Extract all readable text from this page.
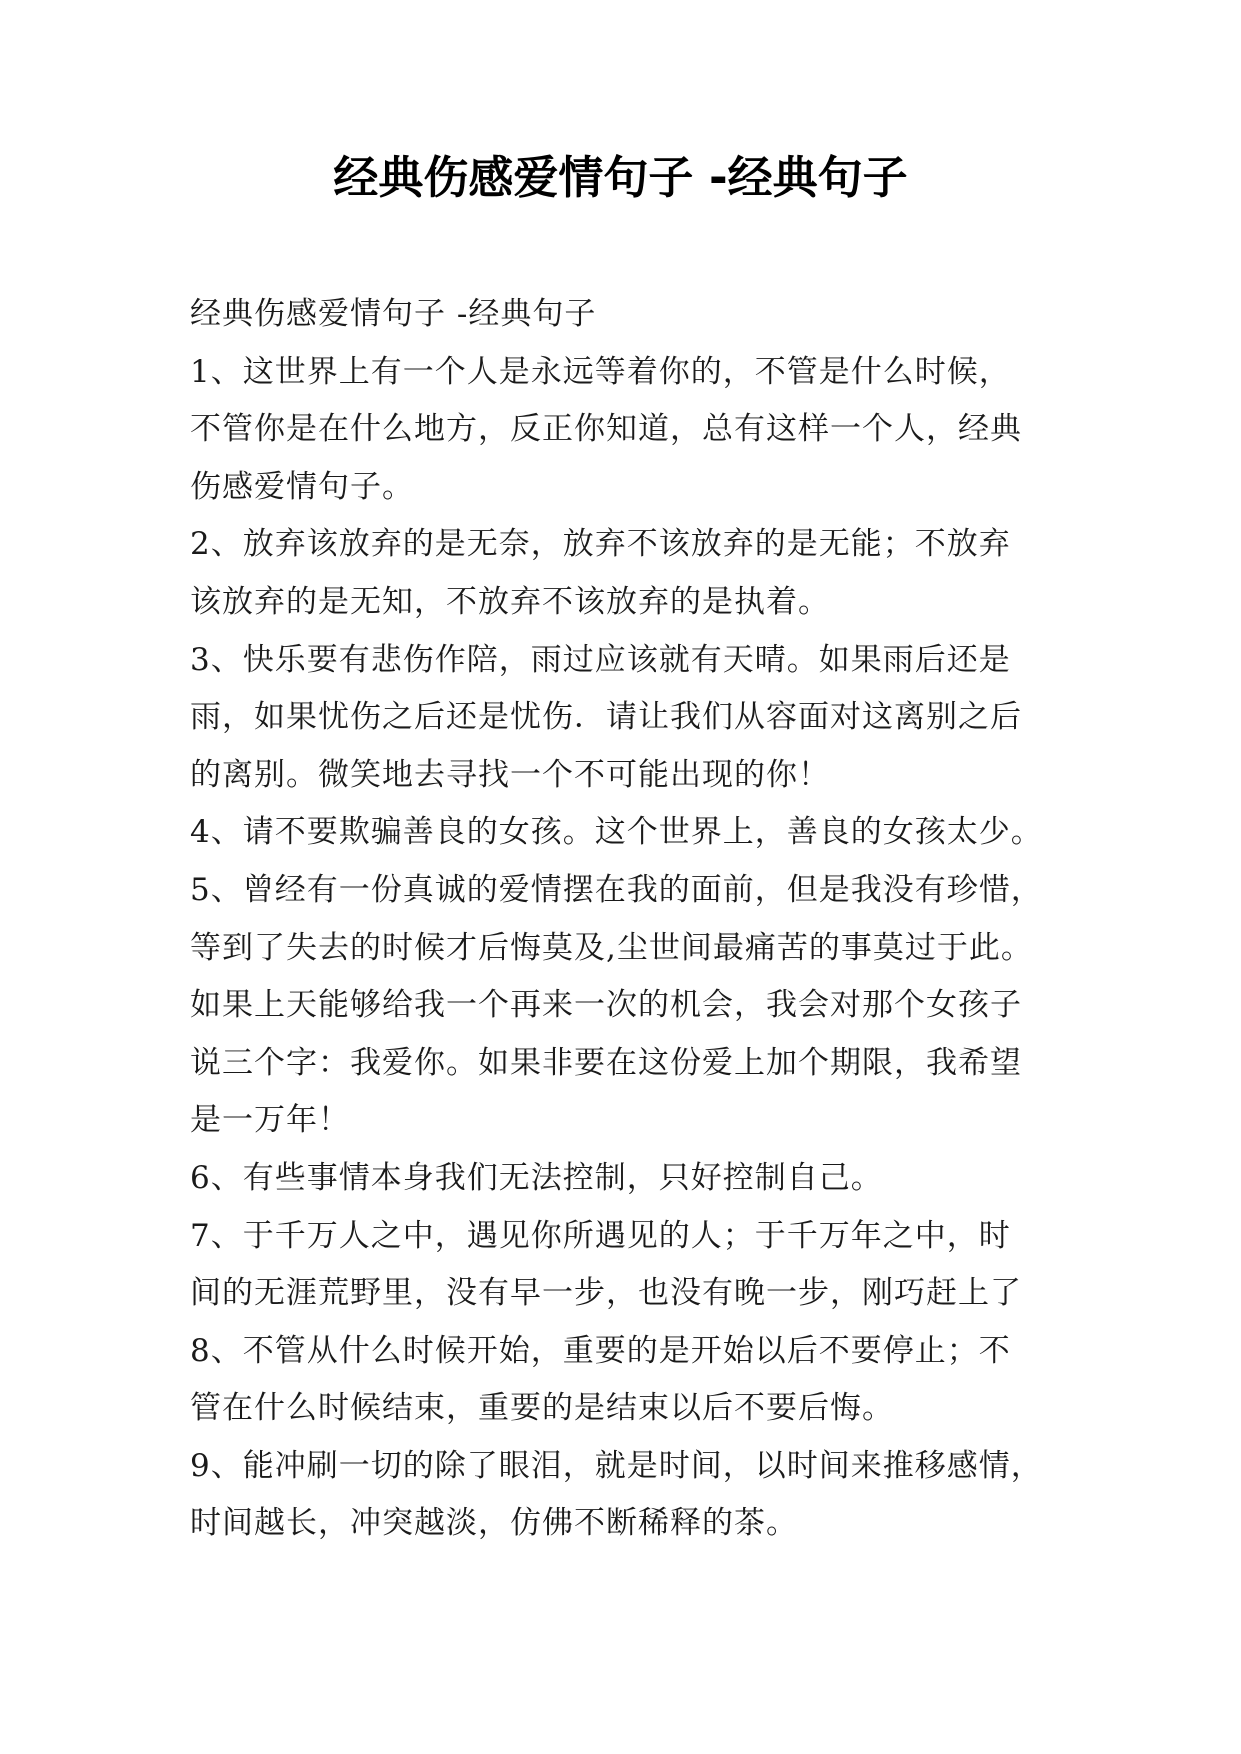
经典伤感爱情句子 -经典句子
经典伤感爱情句子 -经典句子
1、这世界上有一个人是永远等着你的，不管是什么时候，
不管你是在什么地方，反正你知道，总有这样一个人，经典
伤感爱情句子。
2、放弃该放弃的是无奈，放弃不该放弃的是无能；不放弃
该放弃的是无知，不放弃不该放弃的是执着。
3、快乐要有悲伤作陪，雨过应该就有天晴。如果雨后还是
雨，如果忧伤之后还是忧伤．请让我们从容面对这离别之后
的离别。微笑地去寻找一个不可能出现的你！
4、请不要欺骗善良的女孩。这个世界上，善良的女孩太少。
5、曾经有一份真诚的爱情摆在我的面前，但是我没有珍惜，
等到了失去的时候才后悔莫及,尘世间最痛苦的事莫过于此。
如果上天能够给我一个再来一次的机会，我会对那个女孩子
说三个字：我爱你。如果非要在这份爱上加个期限，我希望
是一万年！
6、有些事情本身我们无法控制，只好控制自己。
7、于千万人之中，遇见你所遇见的人；于千万年之中，时
间的无涯荒野里，没有早一步，也没有晚一步，刚巧赶上了
8、不管从什么时候开始，重要的是开始以后不要停止；不
管在什么时候结束，重要的是结束以后不要后悔。
9、能冲刷一切的除了眼泪，就是时间，以时间来推移感情，
时间越长，冲突越淡，仿佛不断稀释的茶。
